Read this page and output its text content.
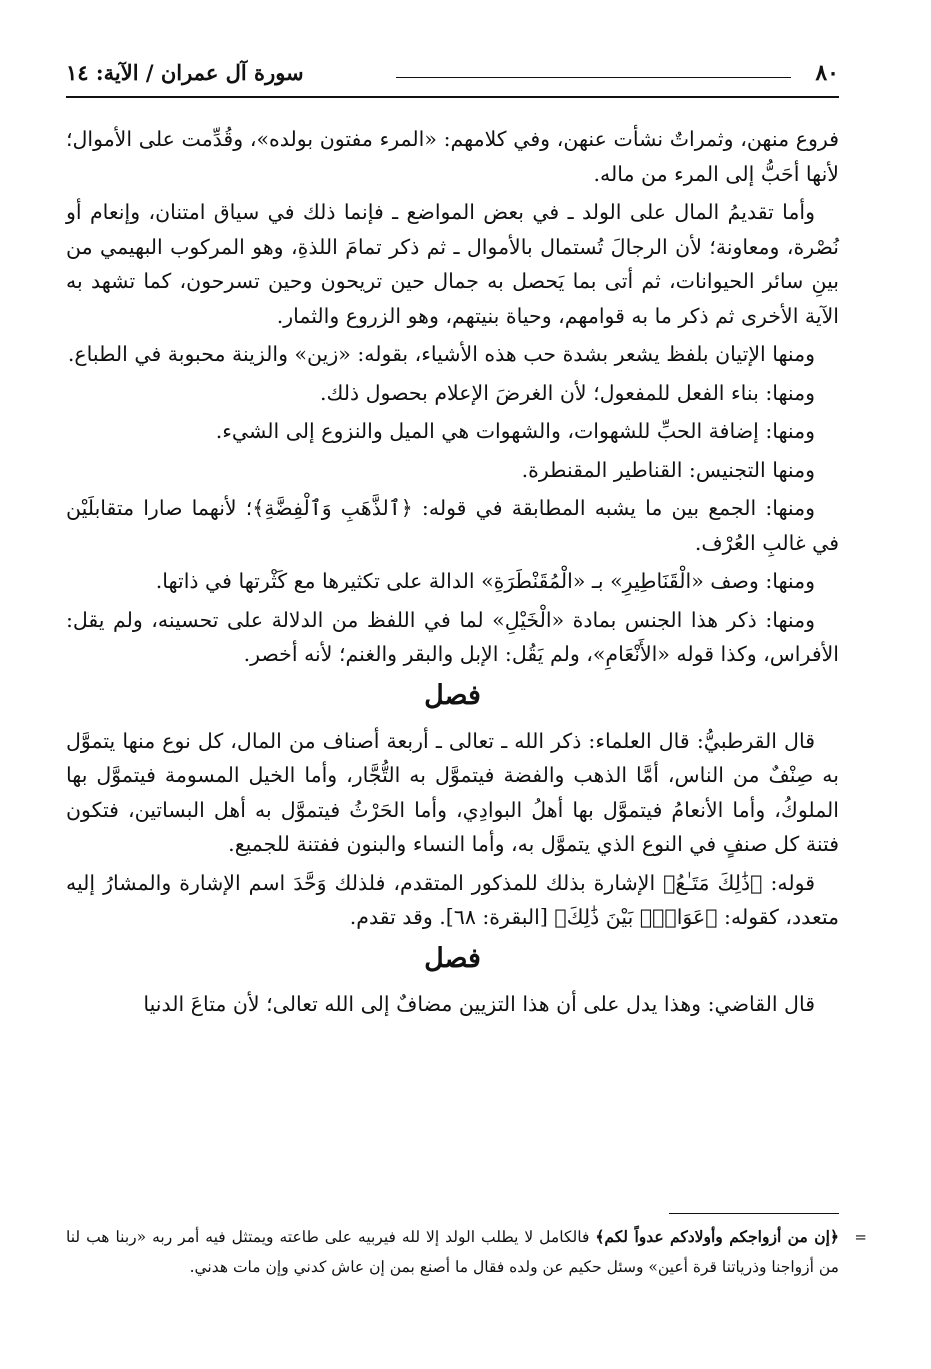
٨٠
سورة آل عمران / الآية: ١٤

فروع منهن، وثمراتٌ نشأت عنهن، وفي كلامهم: «المرء مفتون بولده»، وقُدِّمت على الأموال؛ لأنها أحَبُّ إلى المرء من ماله.

وأما تقديمُ المال على الولد ـ في بعض المواضع ـ فإنما ذلك في سياق امتنان، وإنعام أو نُصْرة، ومعاونة؛ لأن الرجالَ تُستمال بالأموال ـ ثم ذكر تمامَ اللذةِ، وهو المركوب البهيمي من بينِ سائر الحيوانات، ثم أتى بما يَحصل به جمال حين تريحون وحين تسرحون، كما تشهد به الآية الأخرى ثم ذكر ما به قوامهم، وحياة بنيتهم، وهو الزروع والثمار.

ومنها الإتيان بلفظ يشعر بشدة حب هذه الأشياء، بقوله: «زين» والزينة محبوبة في الطباع.

ومنها: بناء الفعل للمفعول؛ لأن الغرضَ الإعلام بحصول ذلك.

ومنها: إضافة الحبِّ للشهوات، والشهوات هي الميل والنزوع إلى الشيء.

ومنها التجنيس: القناطير المقنطرة.

ومنها: الجمع بين ما يشبه المطابقة في قوله: ﴿ٱلذَّهَبِ وَٱلْفِضَّةِ﴾؛ لأنهما صارا متقابلَيْن في غالبِ العُرْف.

ومنها: وصف «الْقَنَاطِيرِ» بـ «الْمُقَنْطَرَةِ» الدالة على تكثيرها مع كَثْرتها في ذاتها.

ومنها: ذكر هذا الجنس بمادة «الْخَيْلِ» لما في اللفظ من الدلالة على تحسينه، ولم يقل: الأفراس، وكذا قوله «الأَنْعَامِ»، ولم يَقُل: الإبل والبقر والغنم؛ لأنه أخصر.

فصل

قال القرطبيُّ: قال العلماء: ذكر الله ـ تعالى ـ أربعة أصناف من المال، كل نوع منها يتموَّل به صِنْفٌ من الناس، أمَّا الذهب والفضة فيتموَّل به التُّجَّار، وأما الخيل المسومة فيتموَّل بها الملوكُ، وأما الأنعامُ فيتموَّل بها أهلُ البوادِي، وأما الحَرْثُ فيتموَّل به أهل البساتين، فتكون فتنة كل صنفٍ في النوع الذي يتموَّل به، وأما النساء والبنون ففتنة للجميع.

قوله: ﴿ذَٰلِكَ مَتَـٰعُ﴾ الإشارة بذلك للمذكور المتقدم، فلذلك وَحَّدَ اسم الإشارة والمشارُ إليه متعدد، كقوله: ﴿عَوَانٌۢ بَيْنَ ذَٰلِكَ﴾ [البقرة: ٦٨]. وقد تقدم.

فصل

قال القاضي: وهذا يدل على أن هذا التزيين مضافٌ إلى الله تعالى؛ لأن متاعَ الدنيا

=
﴿إن من أزواجكم وأولادكم عدواً لكم﴾ فالكامل لا يطلب الولد إلا لله فيربيه على طاعته ويمتثل فيه أمر ربه «ربنا هب لنا من أزواجنا وذرياتنا قرة أعين» وسئل حكيم عن ولده فقال ما أصنع بمن إن عاش كدني وإن مات هدني.
